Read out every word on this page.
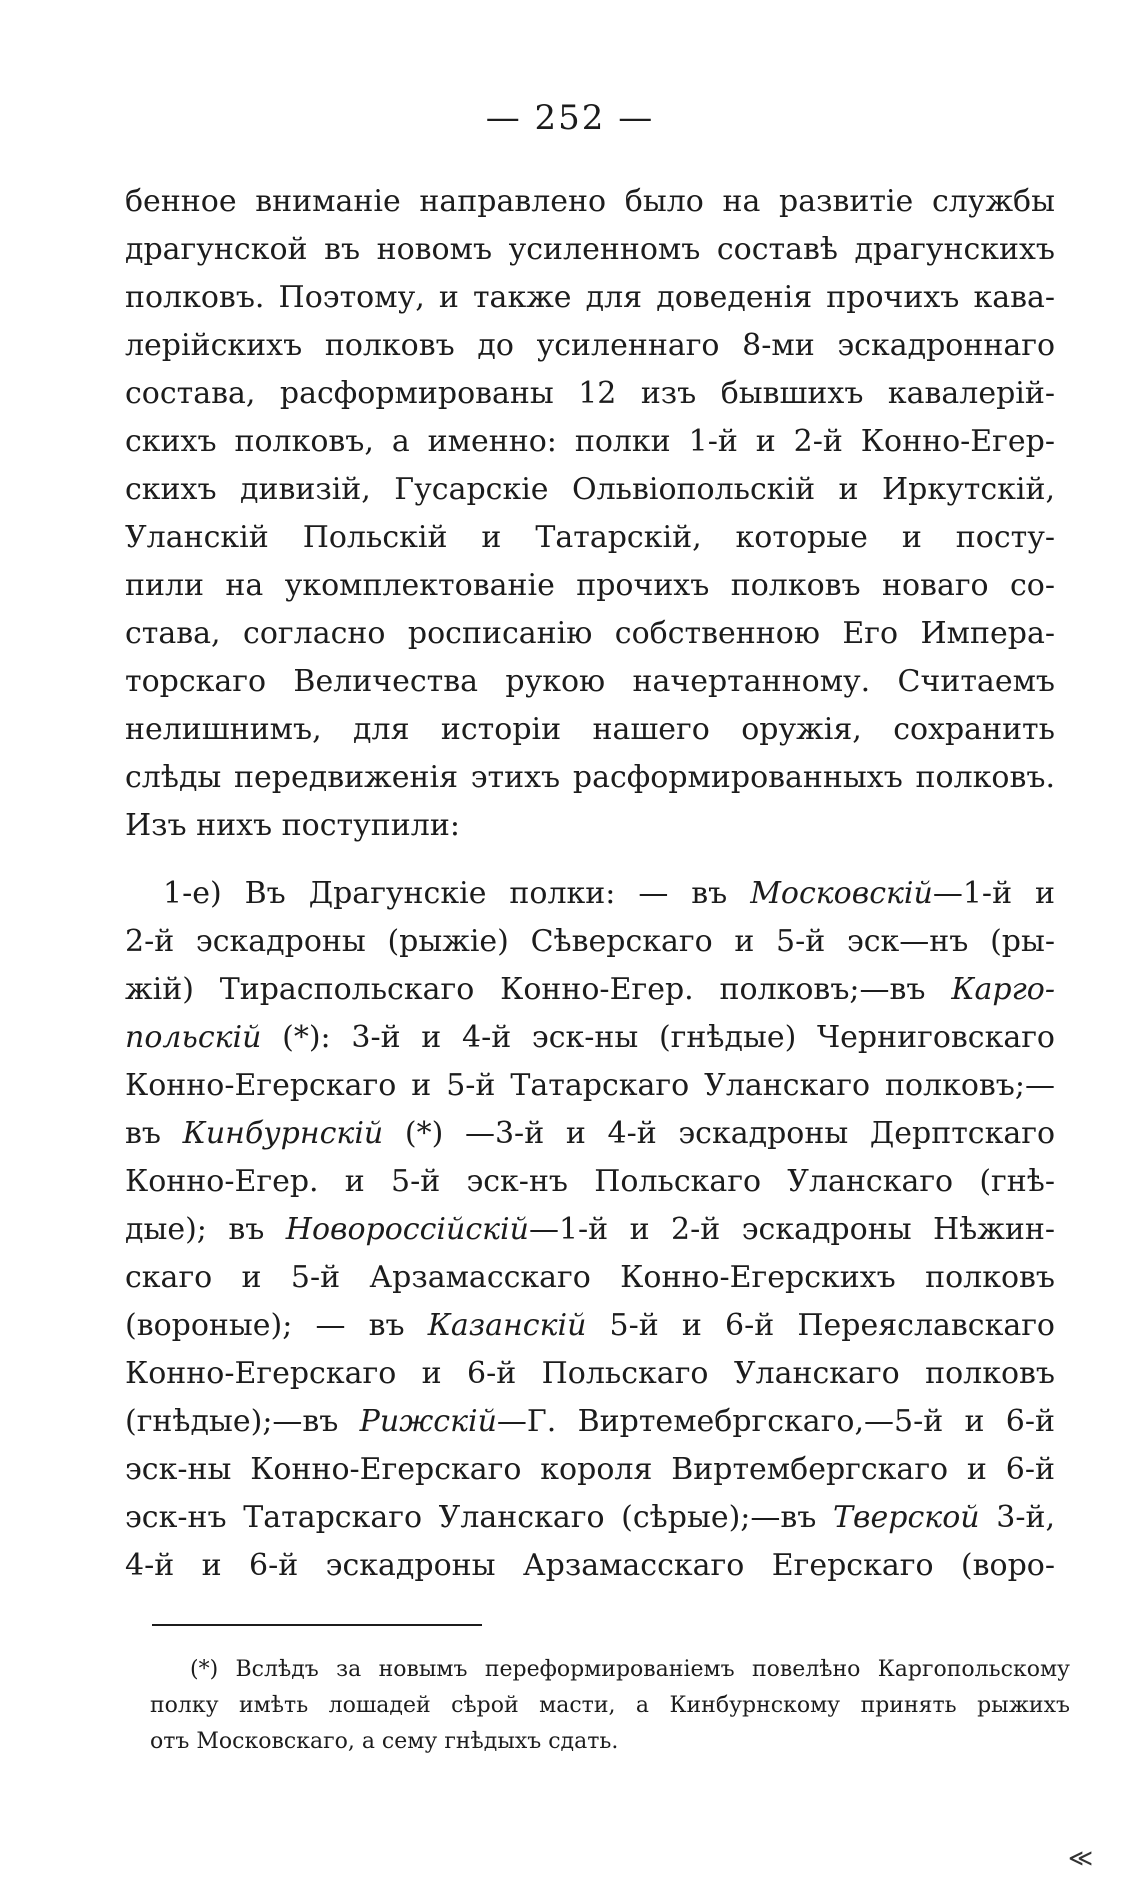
— 252 —
бенное вниманіе направлено было на развитіе службы
драгунской въ новомъ усиленномъ составѣ драгунскихъ
полковъ. Поэтому, и также для доведенія прочихъ кава-
лерійскихъ полковъ до усиленнаго 8-ми эскадроннаго
состава, расформированы 12 изъ бывшихъ кавалерій-
скихъ полковъ, а именно: полки 1-й и 2-й Конно-Егер-
скихъ дивизій, Гусарскіе Ольвіопольскій и Иркутскій,
Уланскій Польскій и Татарскій, которые и посту-
пили на укомплектованіе прочихъ полковъ новаго со-
става, согласно росписанію собственною Его Импера-
торскаго Величества рукою начертанному. Считаемъ
нелишнимъ, для исторіи нашего оружія, сохранить
слѣды передвиженія этихъ расформированныхъ полковъ.
Изъ нихъ поступили:
1-е) Въ Драгунскіе полки: — въ Московскій—1-й и
2-й эскадроны (рыжіе) Сѣверскаго и 5-й эск—нъ (ры-
жій) Тираспольскаго Конно-Егер. полковъ;—въ Карго-
польскій (*): 3-й и 4-й эск-ны (гнѣдые) Черниговскаго
Конно-Егерскаго и 5-й Татарскаго Уланскаго полковъ;—
въ Кинбурнскій (*) —3-й и 4-й эскадроны Дерптскаго
Конно-Егер. и 5-й эск-нъ Польскаго Уланскаго (гнѣ-
дые); въ Новороссійскій—1-й и 2-й эскадроны Нѣжин-
скаго и 5-й Арзамасскаго Конно-Егерскихъ полковъ
(вороные); — въ Казанскій 5-й и 6-й Переяславскаго
Конно-Егерскаго и 6-й Польскаго Уланскаго полковъ
(гнѣдые);—въ Рижскій—Г. Виртемебргскаго,—5-й и 6-й
эск-ны Конно-Егерскаго короля Виртембергскаго и 6-й
эск-нъ Татарскаго Уланскаго (сѣрые);—въ Тверской 3-й,
4-й и 6-й эскадроны Арзамасскаго Егерскаго (воро-
(*) Вслѣдъ за новымъ переформированіемъ повелѣно Каргопольскому
полку имѣть лошадей сѣрой масти, а Кинбурнскому принять рыжихъ
отъ Московскаго, а сему гнѣдыхъ сдать.
≪
